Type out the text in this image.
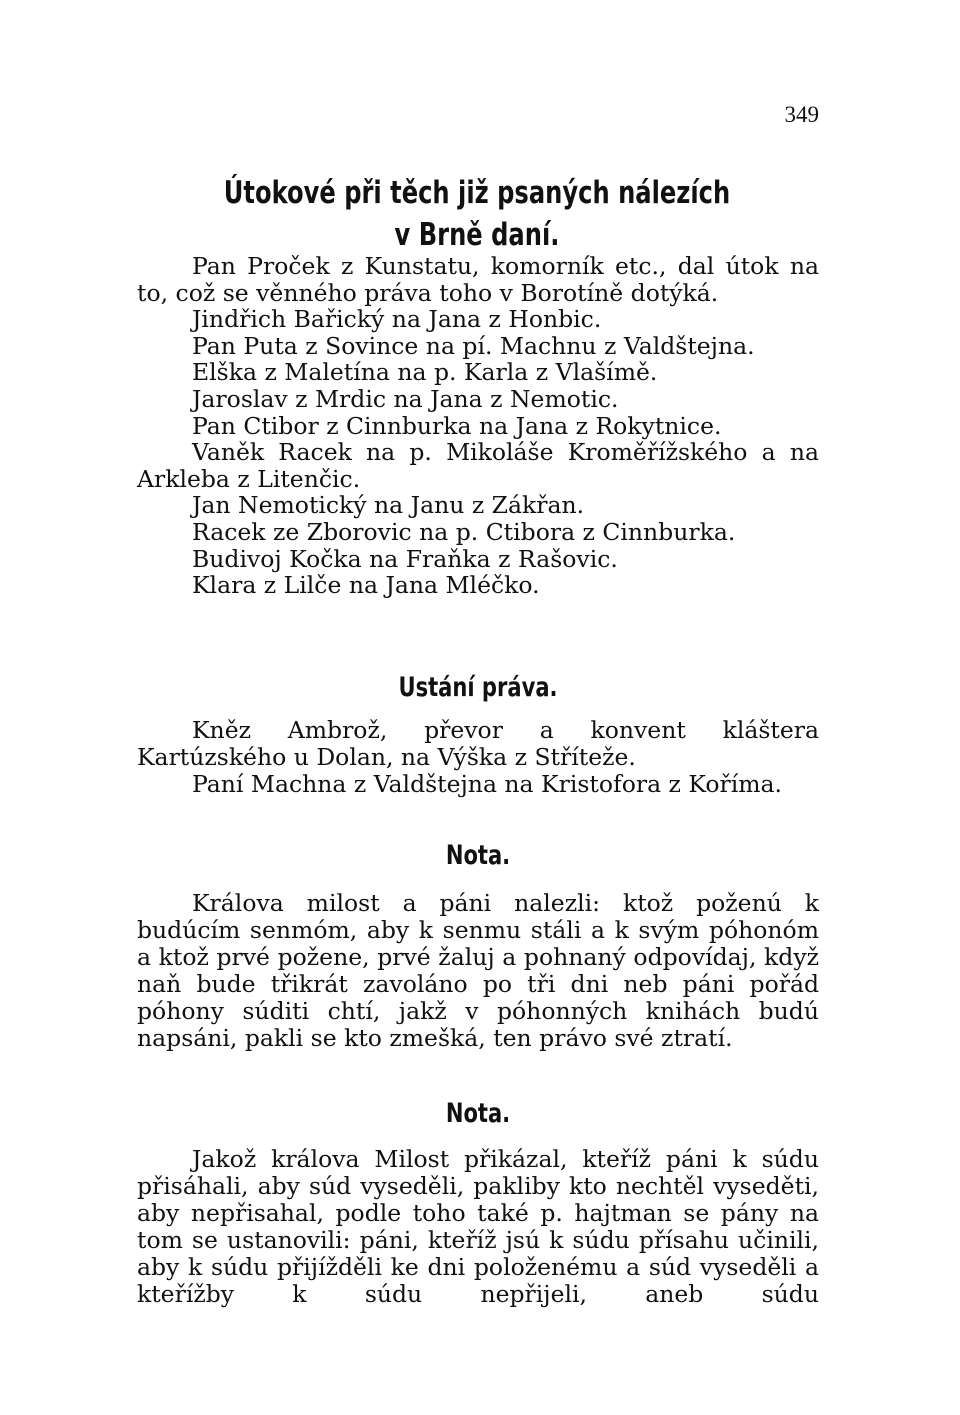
349
Útokové při těch již psaných nálezích v Brně daní.
Pan Proček z Kunstatu, komorník etc., dal útok na to, což se věnného práva toho v Borotíně dotýká.
Jindřich Bařický na Jana z Honbic.
Pan Puta z Sovince na pí. Machnu z Valdštejna.
Elška z Maletína na p. Karla z Vlašímě.
Jaroslav z Mrdic na Jana z Nemotic.
Pan Ctibor z Cinnburka na Jana z Rokytnice.
Vaněk Racek na p. Mikoláše Kroměřížského a na Arkleba z Litenčic.
Jan Nemotický na Janu z Zákřan.
Racek ze Zborovic na p. Ctibora z Cinnburka.
Budivoj Kočka na Fraňka z Rašovic.
Klara z Lilče na Jana Mléčko.
Ustání práva.
Kněz Ambrož, převor a konvent kláštera Kartúzského u Dolan, na Výška z Stříteže.
Paní Machna z Valdštejna na Kristofora z Koříma.
Nota.
Králova milost a páni nalezli: ktož poženú k budúcím senmóm, aby k senmu stáli a k svým póhonóm a ktož prvé požene, prvé žaluj a pohnaný odpovídaj, když naň bude třikrát zavoláno po tři dni neb páni pořád póhony súditi chtí, jakž v póhonných knihách budú napsáni, pakli se kto zmešká, ten právo své ztratí.
Nota.
Jakož králova Milost přikázal, kteříž páni k súdu přisáhali, aby súd vyseděli, pakliby kto nechtěl vyseděti, aby nepřisahal, podle toho také p. hajtman se pány na tom se ustanovili: páni, kteříž jsú k súdu přísahu učinili, aby k súdu přijížděli ke dni položenému a súd vyseděli a kteřížby k súdu nepřijeli, aneb súdu
